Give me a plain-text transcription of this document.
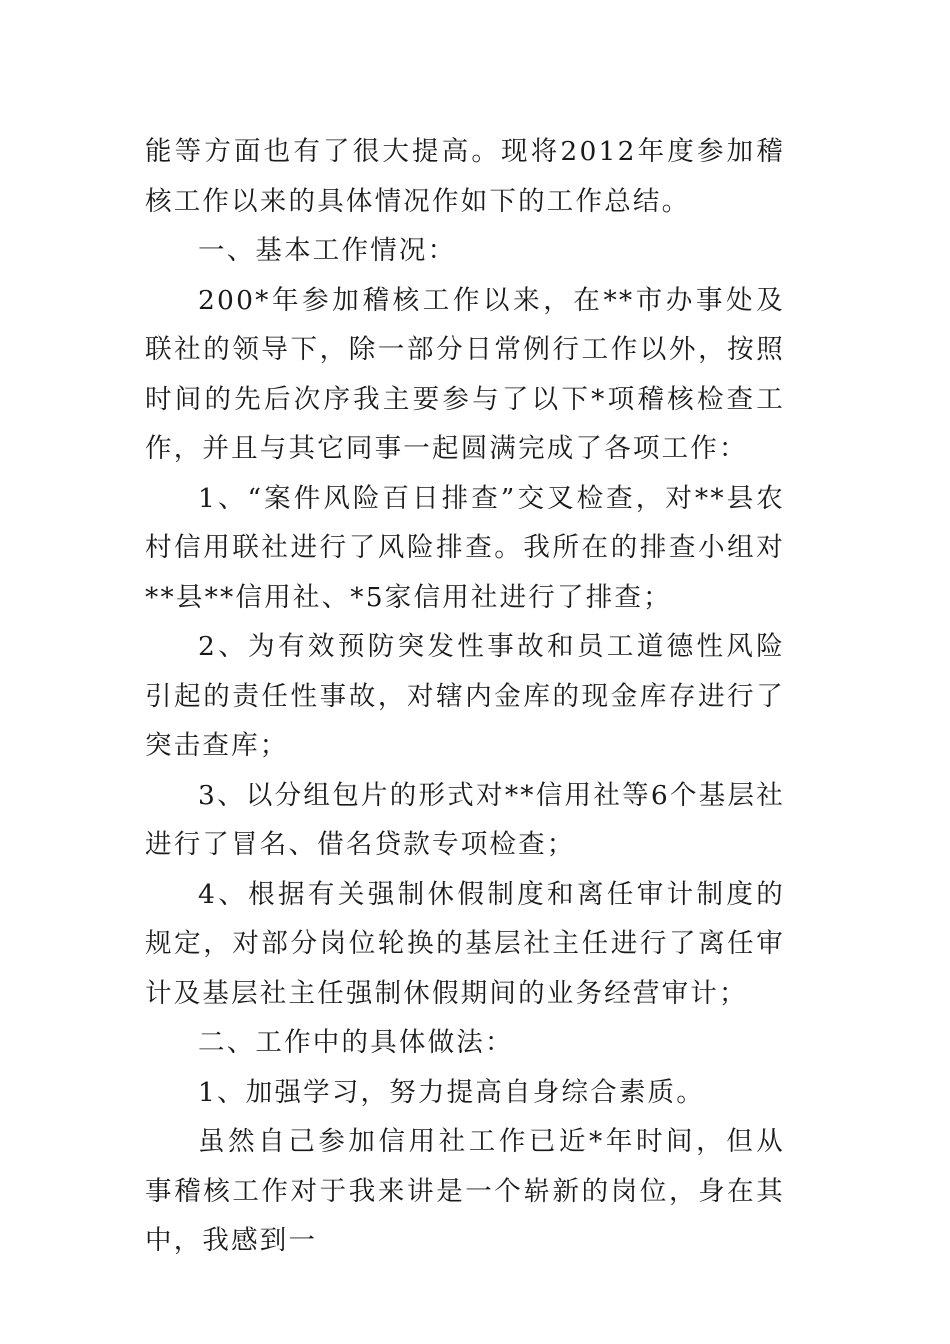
能等方面也有了很大提高。现将2012年度参加稽核工作以来的具体情况作如下的工作总结。

一、基本工作情况：

200*年参加稽核工作以来，在**市办事处及联社的领导下，除一部分日常例行工作以外，按照时间的先后次序我主要参与了以下*项稽核检查工作，并且与其它同事一起圆满完成了各项工作：

1、“案件风险百日排查”交叉检查，对**县农村信用联社进行了风险排查。我所在的排查小组对**县**信用社、*5家信用社进行了排查；

2、为有效预防突发性事故和员工道德性风险引起的责任性事故，对辖内金库的现金库存进行了突击查库；

3、以分组包片的形式对**信用社等6个基层社进行了冒名、借名贷款专项检查；

4、根据有关强制休假制度和离任审计制度的规定，对部分岗位轮换的基层社主任进行了离任审计及基层社主任强制休假期间的业务经营审计；

二、工作中的具体做法：

1、加强学习，努力提高自身综合素质。

虽然自己参加信用社工作已近*年时间，但从事稽核工作对于我来讲是一个崭新的岗位，身在其中，我感到一
